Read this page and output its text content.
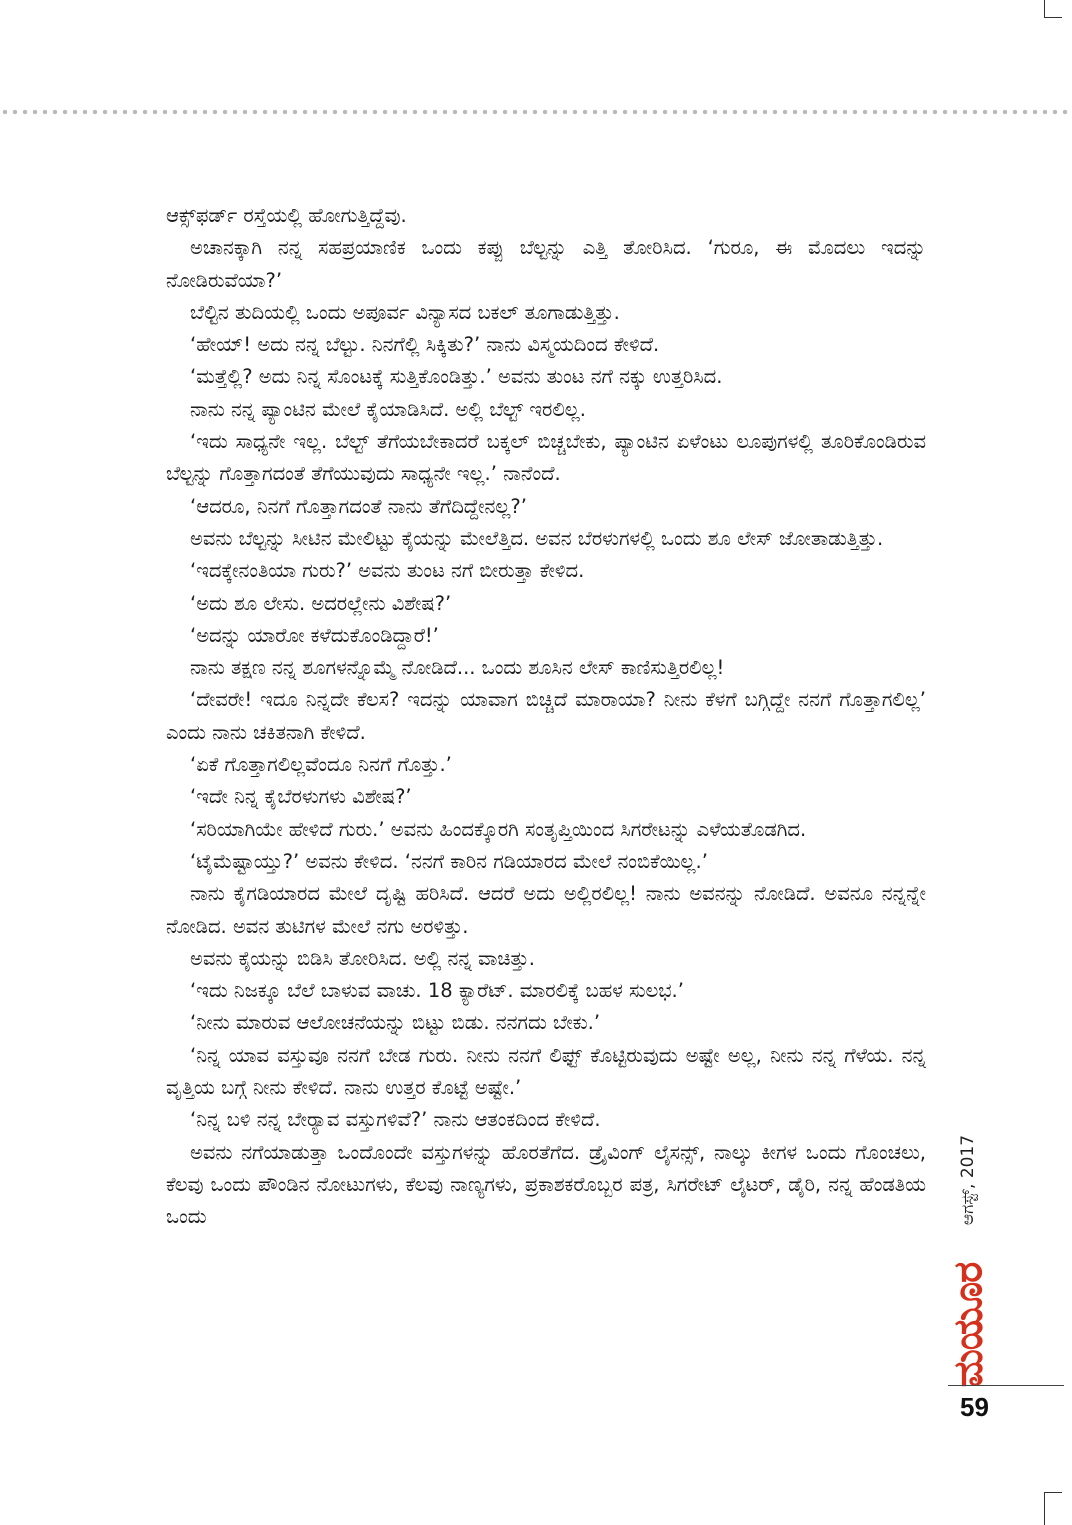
ಆಕ್ಸ್‌ಫರ್ಡ್‌ ರಸ್ತೆಯಲ್ಲಿ ಹೋಗುತ್ತಿದ್ದೆವು.

ಅಚಾನಕ್ಕಾಗಿ ನನ್ನ ಸಹಪ್ರಯಾಣಿಕ ಒಂದು ಕಪ್ಪು ಬೆಲ್ಟನ್ನು ಎತ್ತಿ ತೋರಿಸಿದ. ‘ಗುರೂ, ಈ ಮೊದಲು ಇದನ್ನು ನೋಡಿರುವೆಯಾ?’

ಬೆಲ್ಟಿನ ತುದಿಯಲ್ಲಿ ಒಂದು ಅಪೂರ್ವ ವಿನ್ಯಾಸದ ಬಕಲ್ ತೂಗಾಡುತ್ತಿತ್ತು.

‘ಹೇಯ್! ಅದು ನನ್ನ ಬೆಲ್ಟು. ನಿನಗೆಲ್ಲಿ ಸಿಕ್ಕಿತು?’ ನಾನು ವಿಸ್ಮಯದಿಂದ ಕೇಳಿದೆ.

‘ಮತ್ತೆಲ್ಲಿ? ಅದು ನಿನ್ನ ಸೊಂಟಕ್ಕೆ ಸುತ್ತಿಕೊಂಡಿತ್ತು.’ ಅವನು ತುಂಟ ನಗೆ ನಕ್ಕು ಉತ್ತರಿಸಿದ.

ನಾನು ನನ್ನ ಪ್ಯಾಂಟಿನ ಮೇಲೆ ಕೈಯಾಡಿಸಿದೆ. ಅಲ್ಲಿ ಬೆಲ್ಟ್ ಇರಲಿಲ್ಲ.

‘ಇದು ಸಾಧ್ಯನೇ ಇಲ್ಲ. ಬೆಲ್ಟ್ ತೆಗೆಯಬೇಕಾದರೆ ಬಕ್ಕಲ್ ಬಿಚ್ಚಬೇಕು, ಪ್ಯಾಂಟಿನ ಏಳೆಂಟು ಲೂಪುಗಳಲ್ಲಿ ತೂರಿಕೊಂಡಿರುವ ಬೆಲ್ಟನ್ನು ಗೊತ್ತಾಗದಂತೆ ತೆಗೆಯುವುದು ಸಾಧ್ಯನೇ ಇಲ್ಲ.’ ನಾನೆಂದೆ.

‘ಆದರೂ, ನಿನಗೆ ಗೊತ್ತಾಗದಂತೆ ನಾನು ತೆಗೆದಿದ್ದೇನಲ್ಲ?’

ಅವನು ಬೆಲ್ಟನ್ನು ಸೀಟಿನ ಮೇಲಿಟ್ಟು ಕೈಯನ್ನು ಮೇಲೆತ್ತಿದ. ಅವನ ಬೆರಳುಗಳಲ್ಲಿ ಒಂದು ಶೂ ಲೇಸ್ ಜೋತಾಡುತ್ತಿತ್ತು.

‘ಇದಕ್ಕೇನಂತಿಯಾ ಗುರು?’ ಅವನು ತುಂಟ ನಗೆ ಬೀರುತ್ತಾ ಕೇಳಿದ.

‘ಅದು ಶೂ ಲೇಸು. ಅದರಲ್ಲೇನು ವಿಶೇಷ?’

‘ಅದನ್ನು ಯಾರೋ ಕಳೆದುಕೊಂಡಿದ್ದಾರೆ!’

ನಾನು ತಕ್ಷಣ ನನ್ನ ಶೂಗಳನ್ನೊಮ್ಮೆ ನೋಡಿದೆ... ಒಂದು ಶೂಸಿನ ಲೇಸ್ ಕಾಣಿಸುತ್ತಿರಲಿಲ್ಲ!

‘ದೇವರೇ! ಇದೂ ನಿನ್ನದೇ ಕೆಲಸ? ಇದನ್ನು ಯಾವಾಗ ಬಿಚ್ಚಿದೆ ಮಾರಾಯಾ? ನೀನು ಕೆಳಗೆ ಬಗ್ಗಿದ್ದೇ ನನಗೆ ಗೊತ್ತಾಗಲಿಲ್ಲ’ ಎಂದು ನಾನು ಚಕಿತನಾಗಿ ಕೇಳಿದೆ.

‘ಏಕೆ ಗೊತ್ತಾಗಲಿಲ್ಲವೆಂದೂ ನಿನಗೆ ಗೊತ್ತು.’

‘ಇದೇ ನಿನ್ನ ಕೈಬೆರಳುಗಳು ವಿಶೇಷ?’

‘ಸರಿಯಾಗಿಯೇ ಹೇಳಿದೆ ಗುರು.’ ಅವನು ಹಿಂದಕ್ಕೊರಗಿ ಸಂತೃಪ್ತಿಯಿಂದ ಸಿಗರೇಟನ್ನು ಎಳೆಯತೊಡಗಿದ.

‘ಟೈಮೆಷ್ಟಾಯ್ತು?’ ಅವನು ಕೇಳಿದ. ‘ನನಗೆ ಕಾರಿನ ಗಡಿಯಾರದ ಮೇಲೆ ನಂಬಿಕೆಯಿಲ್ಲ.’

ನಾನು ಕೈಗಡಿಯಾರದ ಮೇಲೆ ದೃಷ್ಟಿ ಹರಿಸಿದೆ. ಆದರೆ ಅದು ಅಲ್ಲಿರಲಿಲ್ಲ! ನಾನು ಅವನನ್ನು ನೋಡಿದೆ. ಅವನೂ ನನ್ನನ್ನೇ ನೋಡಿದ. ಅವನ ತುಟಿಗಳ ಮೇಲೆ ನಗು ಅರಳಿತ್ತು.

ಅವನು ಕೈಯನ್ನು ಬಿಡಿಸಿ ತೋರಿಸಿದ. ಅಲ್ಲಿ ನನ್ನ ವಾಚಿತ್ತು.

‘ಇದು ನಿಜಕ್ಕೂ ಬೆಲೆ ಬಾಳುವ ವಾಚು. 18 ಕ್ಯಾರೆಟ್. ಮಾರಲಿಕ್ಕೆ ಬಹಳ ಸುಲಭ.’

‘ನೀನು ಮಾರುವ ಆಲೋಚನೆಯನ್ನು ಬಿಟ್ಟು ಬಿಡು. ನನಗದು ಬೇಕು.’

‘ನಿನ್ನ ಯಾವ ವಸ್ತುವೂ ನನಗೆ ಬೇಡ ಗುರು. ನೀನು ನನಗೆ ಲಿಫ್ಟ್ ಕೊಟ್ಟಿರುವುದು ಅಷ್ಟೇ ಅಲ್ಲ, ನೀನು ನನ್ನ ಗೆಳೆಯ. ನನ್ನ ವೃತ್ತಿಯ ಬಗ್ಗೆ ನೀನು ಕೇಳಿದೆ. ನಾನು ಉತ್ತರ ಕೊಟ್ಟೆ ಅಷ್ಟೇ.’

‘ನಿನ್ನ ಬಳಿ ನನ್ನ ಬೇರ್‍ಯಾವ ವಸ್ತುಗಳಿವೆ?’ ನಾನು ಆತಂಕದಿಂದ ಕೇಳಿದೆ.

ಅವನು ನಗೆಯಾಡುತ್ತಾ ಒಂದೊಂದೇ ವಸ್ತುಗಳನ್ನು ಹೊರತೆಗೆದ. ಡ್ರೈವಿಂಗ್ ಲೈಸನ್ಸ್, ನಾಲ್ಕು ಕೀಗಳ ಒಂದು ಗೊಂಚಲು, ಕೆಲವು ಒಂದು ಪೌಂಡಿನ ನೋಟುಗಳು, ಕೆಲವು ನಾಣ್ಯಗಳು, ಪ್ರಕಾಶಕರೊಬ್ಬರ ಪತ್ರ, ಸಿಗರೇಟ್ ಲೈಟರ್, ಡೈರಿ, ನನ್ನ ಹೆಂಡತಿಯ ಒಂದು	ಆಗಸ್ಟ್, 2017
ಮಯೂರ
59
